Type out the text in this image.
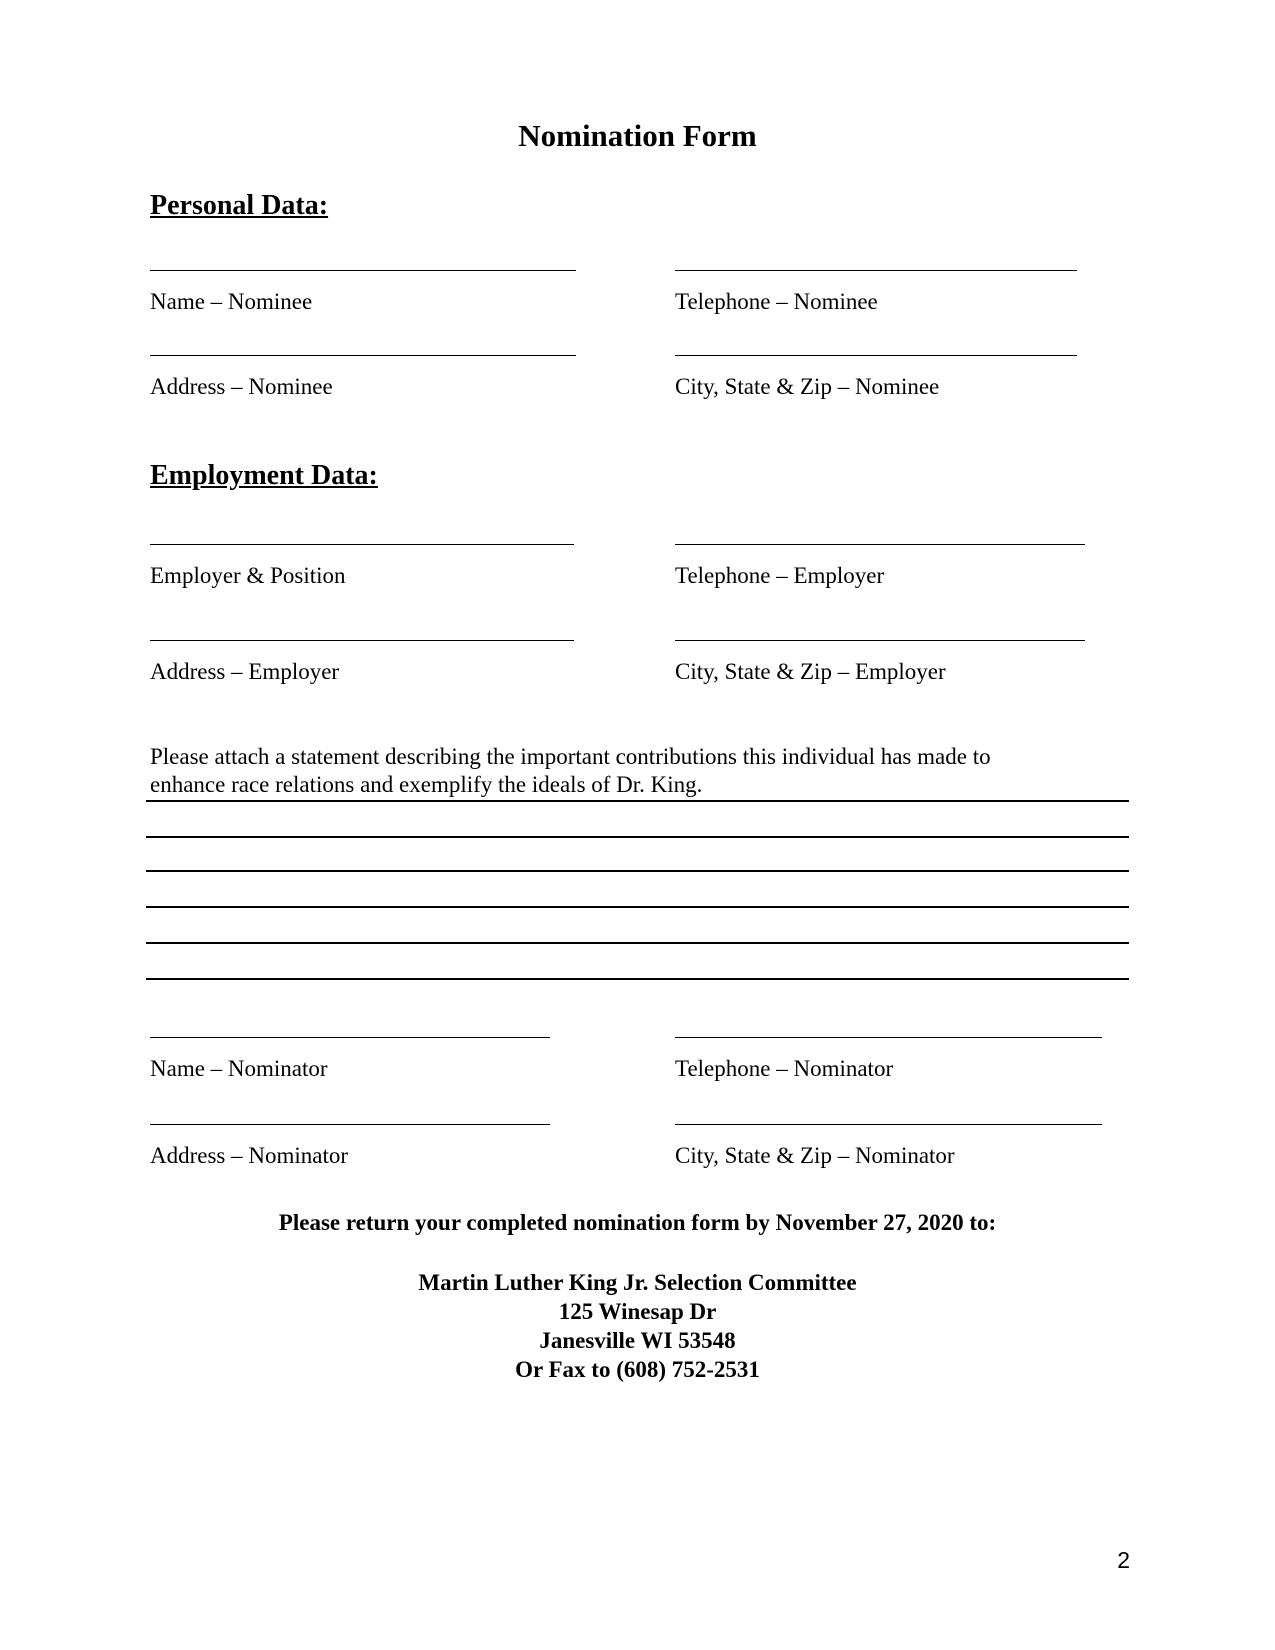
Nomination Form
Personal Data:
Name – Nominee	Telephone – Nominee
Address – Nominee	City, State & Zip – Nominee
Employment Data:
Employer & Position	Telephone – Employer
Address – Employer	City, State & Zip – Employer
Please attach a statement describing the important contributions this individual has made to
enhance race relations and exemplify the ideals of Dr. King.
Name – Nominator	Telephone – Nominator
Address – Nominator	City, State & Zip – Nominator
Please return your completed nomination form by November 27, 2020 to:
Martin Luther King Jr. Selection Committee
125 Winesap Dr
Janesville WI 53548
Or Fax to (608) 752-2531
2
